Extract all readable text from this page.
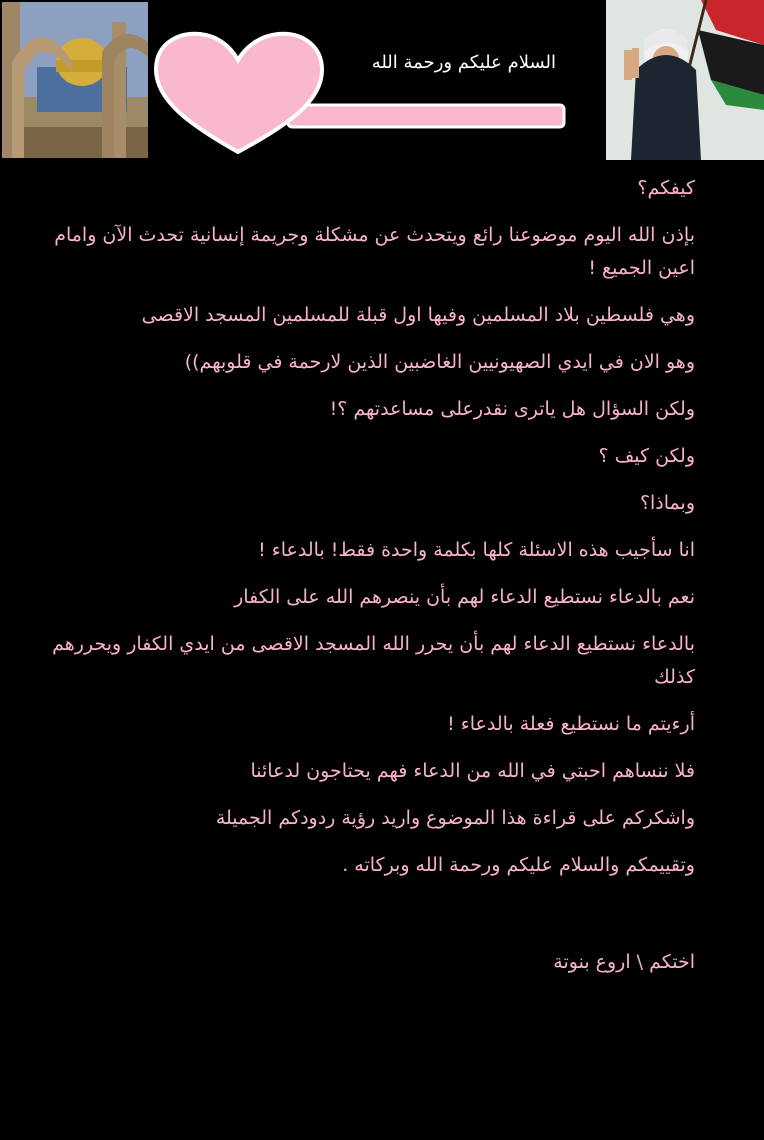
السلام عليكم ورحمة الله

كيفكم؟

بإذن الله اليوم موضوعنا رائع ويتحدث عن مشكلة وجريمة إنسانية تحدث الآن وامام اعين الجميع !

وهي فلسطين بلاد المسلمين وفيها اول قبلة للمسلمين المسجد الاقصى

وهو الان في ايدي الصهيونيين الغاضبين الذين لارحمة في قلوبهم))

ولكن السؤال هل ياترى نقدرعلى مساعدتهم ؟!

ولكن كيف ؟

وبماذا؟

انا سأجيب هذه الاسئلة كلها بكلمة واحدة فقط! بالدعاء !

نعم بالدعاء نستطيع الدعاء لهم بأن ينصرهم الله على الكفار

بالدعاء نستطيع الدعاء لهم بأن يحرر الله المسجد الاقصى من ايدي الكفار ويحررهم كذلك

أرءيتم ما نستطيع فعلة بالدعاء !

فلا ننساهم احبتي في الله من الدعاء فهم يحتاجون لدعائنا

واشكركم على قراءة هذا الموضوع واريد رؤية ردودكم الجميلة

وتقييمكم والسلام عليكم ورحمة الله وبركاته .

اختكم \ اروع بنوتة
